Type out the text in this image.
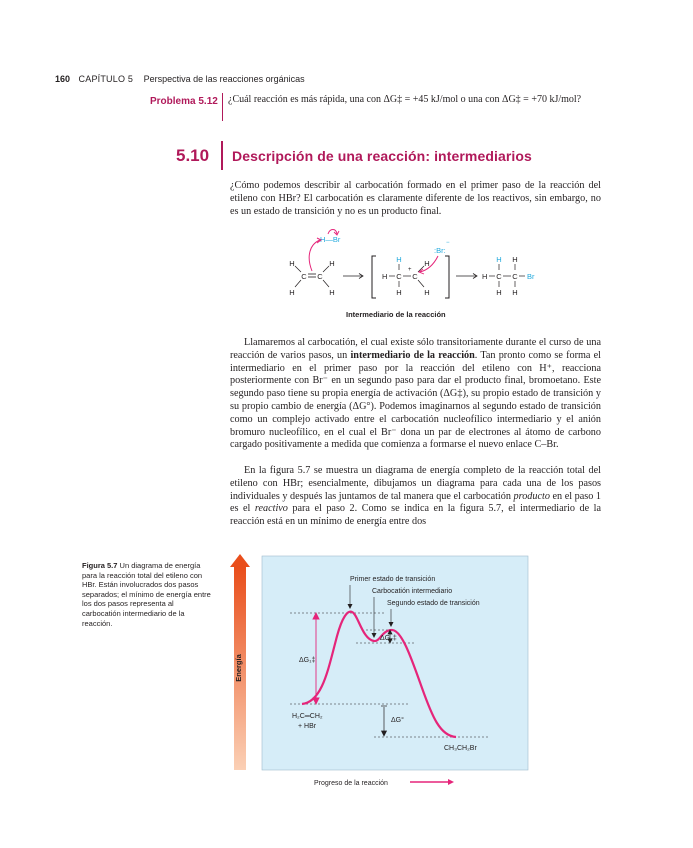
160 CAPÍTULO 5 Perspectiva de las reacciones orgánicas
Problema 5.12 ¿Cuál reacción es más rápida, una con ΔG‡ = +45 kJ/mol o una con ΔG‡ = +70 kJ/mol?
5.10 Descripción de una reacción: intermediarios
¿Cómo podemos describir al carbocatión formado en el primer paso de la reacción del etileno con HBr? El carbocatión es claramente diferente de los reactivos, sin embargo, no es un estado de transición y no es un producto final.
C C
H
H
H
H
H—Br
H C C
+
H
H
H
H
:Br:
−
H C C Br
H H
H H
Intermediario de la reacción
Llamaremos al carbocatión, el cual existe sólo transitoriamente durante el curso de una reacción de varios pasos, un intermediario de la reacción. Tan pronto como se forma el intermediario en el primer paso por la reacción del etileno con H⁺, reacciona posteriormente con Br⁻ en un segundo paso para dar el producto final, bromoetano. Este segundo paso tiene su propia energía de activación (ΔG‡), su propio estado de transición y su propio cambio de energía (ΔG°). Podemos imaginarnos al segundo estado de transición como un complejo activado entre el carbocatión nucleofílico intermediario y el anión bromuro nucleofílico, en el cual el Br⁻ dona un par de electrones al átomo de carbono cargado positivamente a medida que comienza a formarse el nuevo enlace C–Br.
En la figura 5.7 se muestra un diagrama de energía completo de la reacción total del etileno con HBr; esencialmente, dibujamos un diagrama para cada una de los pasos individuales y después las juntamos de tal manera que el carbocatión producto en el paso 1 es el reactivo para el paso 2. Como se indica en la figura 5.7, el intermediario de la reacción está en un mínimo de energía entre dos
Figura 5.7 Un diagrama de energía para la reacción total del etileno con HBr. Están involucrados dos pasos separados; el mínimo de energía entre los dos pasos representa al carbocatión intermediario de la reacción.
Energía	ΔG₁‡
ΔG₂‡
ΔG°
Primer estado de transición
Carbocatión intermediario
Segundo estado de transición
H₂C═CH₂
+ HBr
CH₃CH₂Br
Progreso de la reacción
